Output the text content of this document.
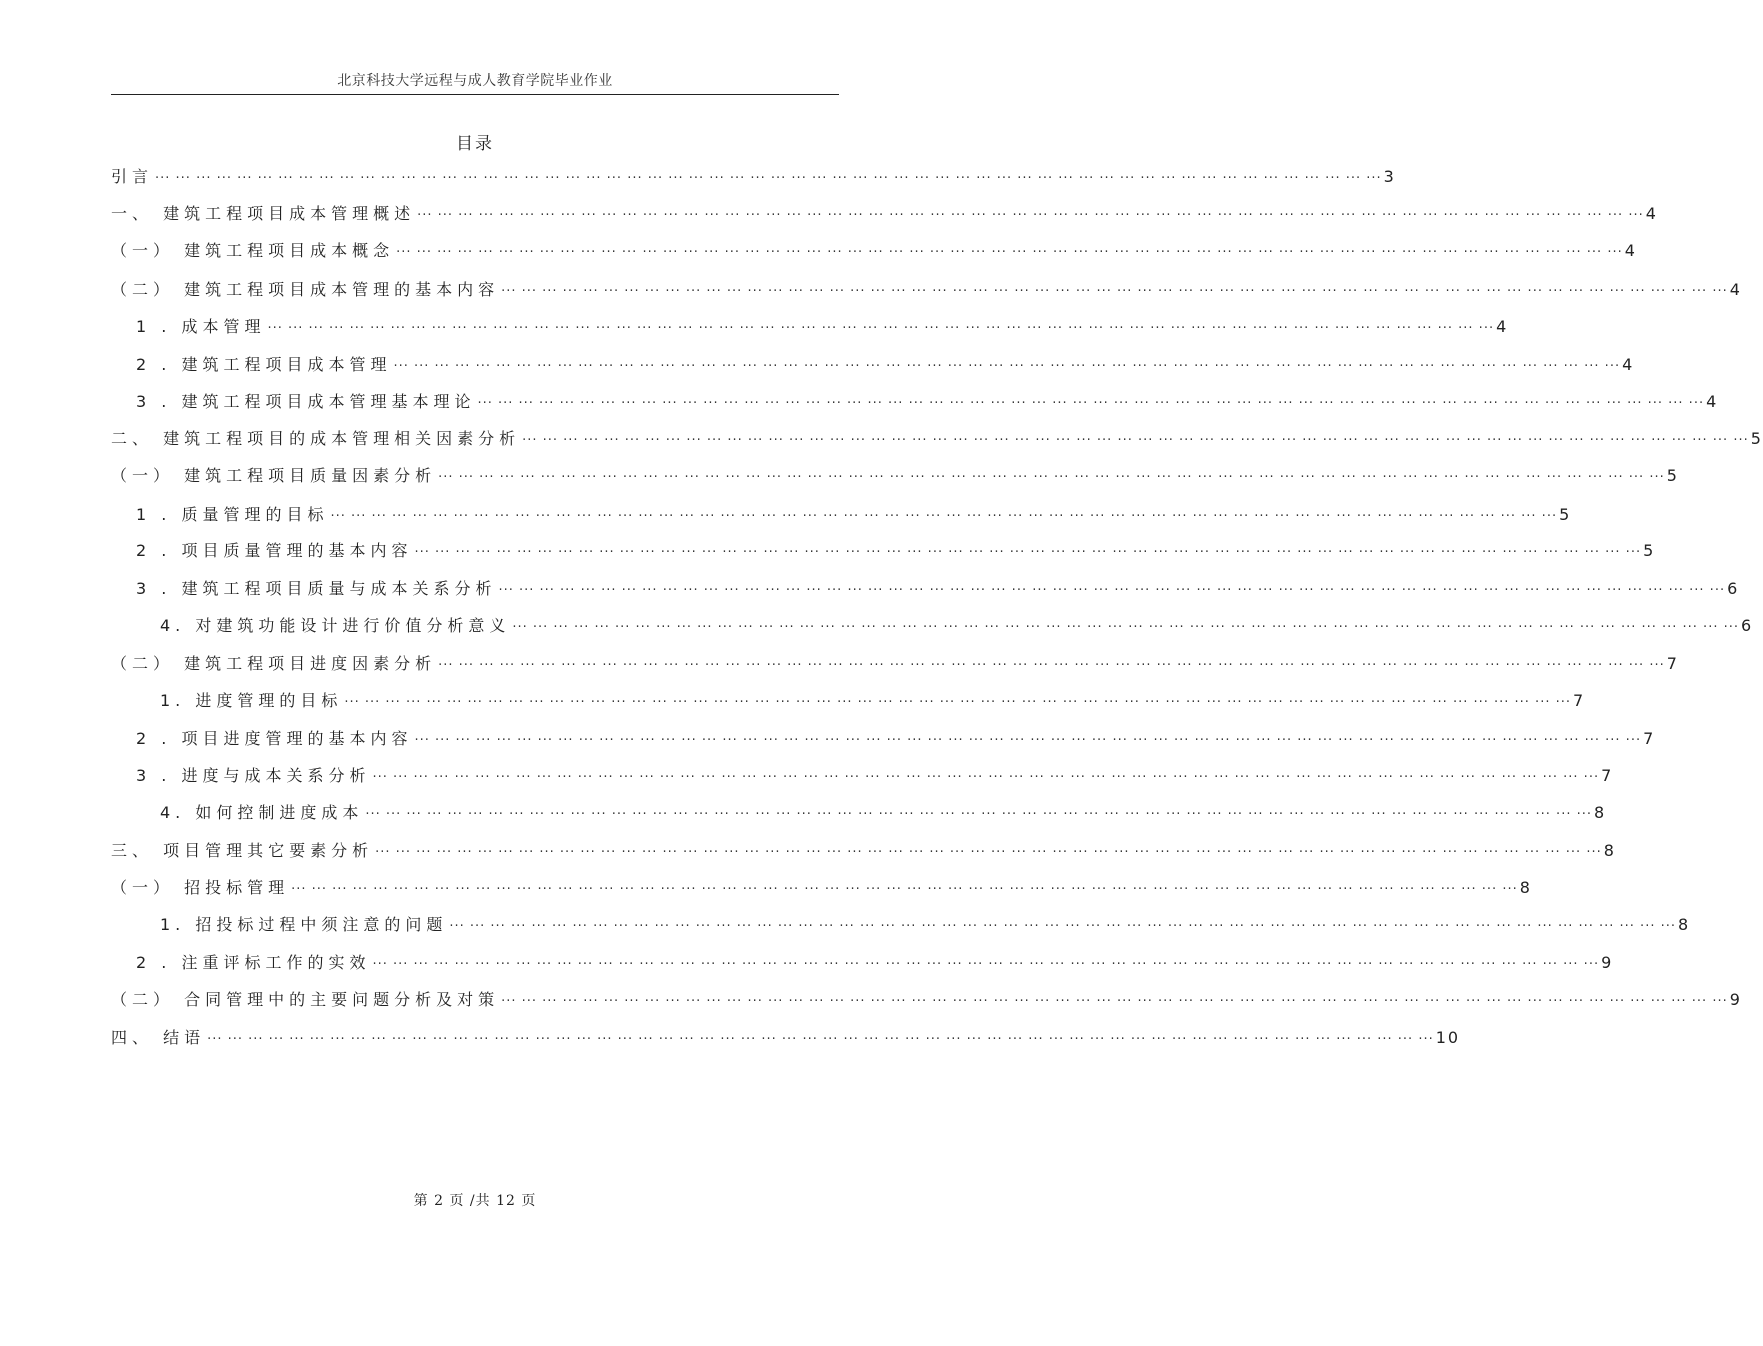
北京科技大学远程与成人教育学院毕业作业
目录
引言 ··· ·	3
一、 建筑工程项目成本管理概述 ··· ·	4
（一） 建筑工程项目成本概念 ··· ·	4
（二） 建筑工程项目成本管理的基本内容 ··· ·	4
1 . 成本管理 ··· ·	4
2 . 建筑工程项目成本管理 ··· ·	4
3 . 建筑工程项目成本管理基本理论 ··· ·	4
二、 建筑工程项目的成本管理相关因素分析 ··· ·	5
（一） 建筑工程项目质量因素分析 ··· ·	5
1 . 质量管理的目标 ··· ·	5
2 . 项目质量管理的基本内容 ··· ·	5
3 . 建筑工程项目质量与成本关系分析 ··· ·	6
4. 对建筑功能设计进行价值分析意义 ··· ·	6
（二） 建筑工程项目进度因素分析 ··· ·	7
1. 进度管理的目标 ··· ·	7
2 . 项目进度管理的基本内容 ··· ·	7
3 . 进度与成本关系分析 ··· ·	7
4. 如何控制进度成本 ··· ·	8
三、 项目管理其它要素分析 ··· ·	8
（一） 招投标管理 ··· ·	8
1. 招投标过程中须注意的问题 ··· ·	8
2 . 注重评标工作的实效 ··· ·	9
（二） 合同管理中的主要问题分析及对策 ··· ·	9
四、 结语 ··· ·	10
第 2 页 /共 12 页
